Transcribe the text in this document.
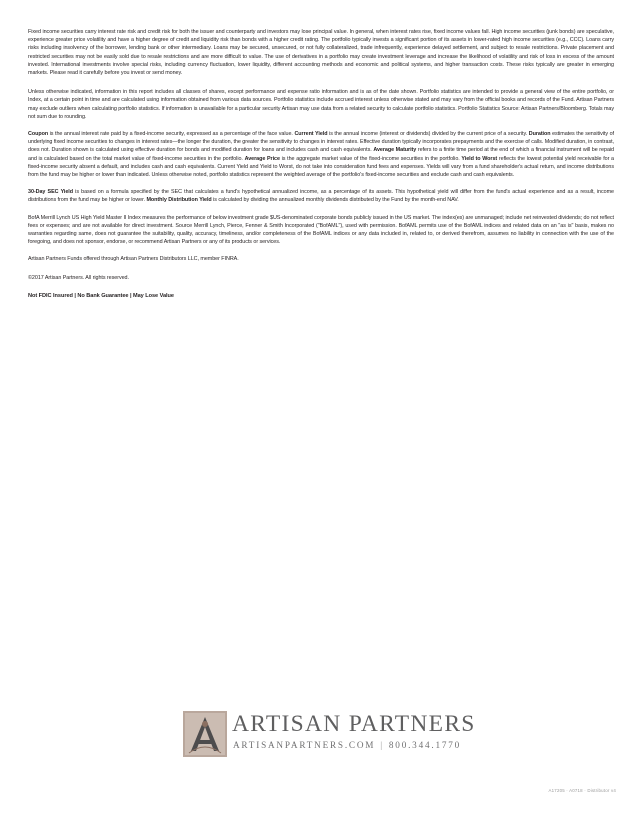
Fixed income securities carry interest rate risk and credit risk for both the issuer and counterparty and investors may lose principal value. In general, when interest rates rise, fixed income values fall. High income securities (junk bonds) are speculative, experience greater price volatility and have a higher degree of credit and liquidity risk than bonds with a higher credit rating. The portfolio typically invests a significant portion of its assets in lower-rated high income securities (e.g., CCC). Loans carry risks including insolvency of the borrower, lending bank or other intermediary. Loans may be secured, unsecured, or not fully collateralized, trade infrequently, experience delayed settlement, and subject to resale restrictions. Private placement and restricted securities may not be easily sold due to resale restrictions and are more difficult to value. The use of derivatives in a portfolio may create investment leverage and increase the likelihood of volatility and risk of loss in excess of the amount invested. International investments involve special risks, including currency fluctuation, lower liquidity, different accounting methods and economic and political systems, and higher transaction costs. These risks typically are greater in emerging markets. Please read it carefully before you invest or send money.

Unless otherwise indicated, information in this report includes all classes of shares, except performance and expense ratio information and is as of the date shown. Portfolio statistics are intended to provide a general view of the entire portfolio, or Index, at a certain point in time and are calculated using information obtained from various data sources. Portfolio statistics include accrued interest unless otherwise stated and may vary from the official books and records of the Fund. Artisan Partners may exclude outliers when calculating portfolio statistics. If information is unavailable for a particular security Artisan may use data from a related security to calculate portfolio statistics. Portfolio Statistics Source: Artisan Partners/Bloomberg. Totals may not sum due to rounding.

Coupon is the annual interest rate paid by a fixed-income security, expressed as a percentage of the face value. Current Yield is the annual income (interest or dividends) divided by the current price of a security. Duration estimates the sensitivity of underlying fixed income securities to changes in interest rates—the longer the duration, the greater the sensitivity to changes in interest rates. Effective duration typically incorporates prepayments and the exercise of calls. Modified duration, in contrast, does not. Duration shown is calculated using effective duration for bonds and modified duration for loans and includes cash and cash equivalents. Average Maturity refers to a finite time period at the end of which a financial instrument will be repaid and is calculated based on the total market value of fixed-income securities in the portfolio. Average Price is the aggregate market value of the fixed-income securities in the portfolio. Yield to Worst reflects the lowest potential yield receivable for a fixed-income security absent a default, and includes cash and cash equivalents. Current Yield and Yield to Worst, do not take into consideration fund fees and expenses. Yields will vary from a fund shareholder's actual return, and income distributions from the fund may be higher or lower than indicated. Unless otherwise noted, portfolio statistics represent the weighted average of the portfolio's fixed-income securities and exclude cash and cash equivalents.

30-Day SEC Yield is based on a formula specified by the SEC that calculates a fund's hypothetical annualized income, as a percentage of its assets. This hypothetical yield will differ from the fund's actual experience and as a result, income distributions from the fund may be higher or lower. Monthly Distribution Yield is calculated by dividing the annualized monthly dividends distributed by the Fund by the month-end NAV.

BofA Merrill Lynch US High Yield Master II Index measures the performance of below investment grade $US-denominated corporate bonds publicly issued in the US market. The index(es) are unmanaged; include net reinvested dividends; do not reflect fees or expenses; and are not available for direct investment. Source Merrill Lynch, Pierce, Fenner & Smith Incorporated ("BofAML"), used with permission. BofAML permits use of the BofAML indices and related data on an "as is" basis, makes no warranties regarding same, does not guarantee the suitability, quality, accuracy, timeliness, and/or completeness of the BofAML indices or any data included in, related to, or derived therefrom, assumes no liability in connection with the use of the foregoing, and does not sponsor, endorse, or recommend Artisan Partners or any of its products or services.

Artisan Partners Funds offered through Artisan Partners Distributors LLC, member FINRA.

©2017 Artisan Partners. All rights reserved.

Not FDIC Insured | No Bank Guarantee | May Lose Value

ARTISAN PARTNERS
ARTISANPARTNERS.COM | 800.344.1770
A17205 · A0718 · Distributor v4
